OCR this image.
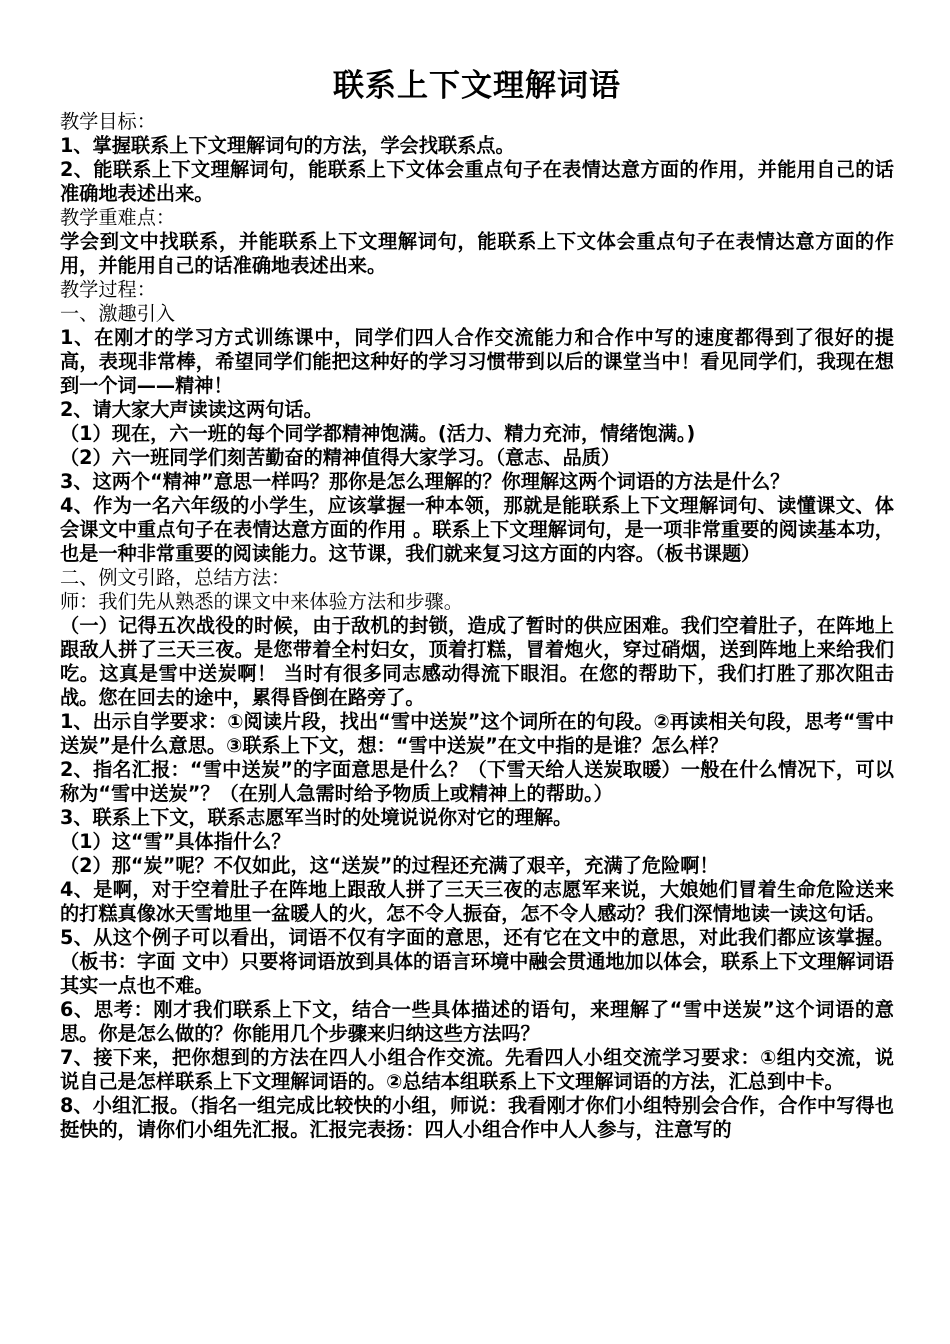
联系上下文理解词语

教学目标：

1、掌握联系上下文理解词句的方法，学会找联系点。

2、能联系上下文理解词句，能联系上下文体会重点句子在表情达意方面的作用，并能用自己的话准确地表述出来。

教学重难点：

学会到文中找联系，并能联系上下文理解词句，能联系上下文体会重点句子在表情达意方面的作用，并能用自己的话准确地表述出来。

教学过程：

一、激趣引入

1、在刚才的学习方式训练课中，同学们四人合作交流能力和合作中写的速度都得到了很好的提高，表现非常棒，希望同学们能把这种好的学习习惯带到以后的课堂当中！看见同学们，我现在想到一个词——精神！

2、请大家大声读读这两句话。

（1）现在，六一班的每个同学都精神饱满。(活力、精力充沛，情绪饱满。)

（2）六一班同学们刻苦勤奋的精神值得大家学习。（意志、品质）

3、这两个“精神”意思一样吗？那你是怎么理解的？你理解这两个词语的方法是什么？

4、作为一名六年级的小学生，应该掌握一种本领，那就是能联系上下文理解词句、读懂课文、体会课文中重点句子在表情达意方面的作用 。联系上下文理解词句，是一项非常重要的阅读基本功，也是一种非常重要的阅读能力。这节课，我们就来复习这方面的内容。（板书课题）

二、例文引路，总结方法：

师：我们先从熟悉的课文中来体验方法和步骤。

（一）记得五次战役的时候，由于敌机的封锁，造成了暂时的供应困难。我们空着肚子，在阵地上跟敌人拼了三天三夜。是您带着全村妇女，顶着打糕，冒着炮火，穿过硝烟，送到阵地上来给我们吃。这真是雪中送炭啊！ 当时有很多同志感动得流下眼泪。在您的帮助下，我们打胜了那次阻击战。您在回去的途中，累得昏倒在路旁了。

1、出示自学要求：①阅读片段，找出“雪中送炭”这个词所在的句段。②再读相关句段，思考“雪中送炭”是什么意思。③联系上下文，想：“雪中送炭”在文中指的是谁？怎么样？

2、指名汇报：“雪中送炭”的字面意思是什么？（下雪天给人送炭取暖）一般在什么情况下，可以称为“雪中送炭”？（在别人急需时给予物质上或精神上的帮助。）

3、联系上下文，联系志愿军当时的处境说说你对它的理解。

（1）这“雪”具体指什么？

（2）那“炭”呢？不仅如此，这“送炭”的过程还充满了艰辛，充满了危险啊！

4、是啊，对于空着肚子在阵地上跟敌人拼了三天三夜的志愿军来说，大娘她们冒着生命危险送来的打糕真像冰天雪地里一盆暖人的火，怎不令人振奋，怎不令人感动？我们深情地读一读这句话。

5、从这个例子可以看出，词语不仅有字面的意思，还有它在文中的意思，对此我们都应该掌握。（板书：字面 文中）只要将词语放到具体的语言环境中融会贯通地加以体会，联系上下文理解词语其实一点也不难。

6、思考：刚才我们联系上下文，结合一些具体描述的语句，来理解了“雪中送炭”这个词语的意思。你是怎么做的？你能用几个步骤来归纳这些方法吗？

7、接下来，把你想到的方法在四人小组合作交流。先看四人小组交流学习要求：①组内交流，说说自己是怎样联系上下文理解词语的。②总结本组联系上下文理解词语的方法，汇总到中卡。

8、小组汇报。（指名一组完成比较快的小组，师说：我看刚才你们小组特别会合作，合作中写得也挺快的，请你们小组先汇报。汇报完表扬：四人小组合作中人人参与，注意写的
